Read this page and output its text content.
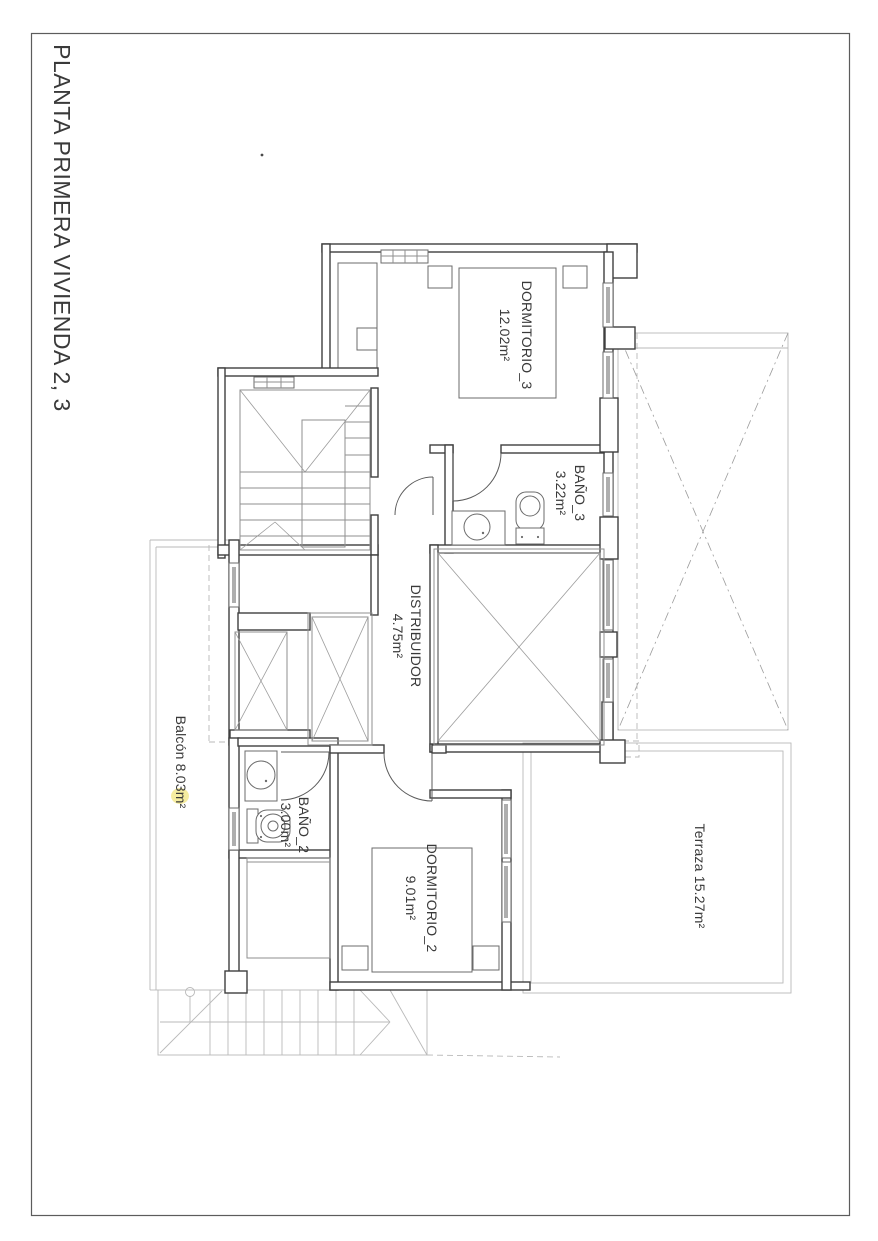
PLANTA PRIMERA VIVIENDA 2, 3	DORMITORIO_3
12.02m²
BAÑO_3
3.22m²
DISTRIBUIDOR
4.75m²
BAÑO_2
3.00m²
DORMITORIO_2
9.01m²	Terraza 15.27m²
Balcón 8.03m²
